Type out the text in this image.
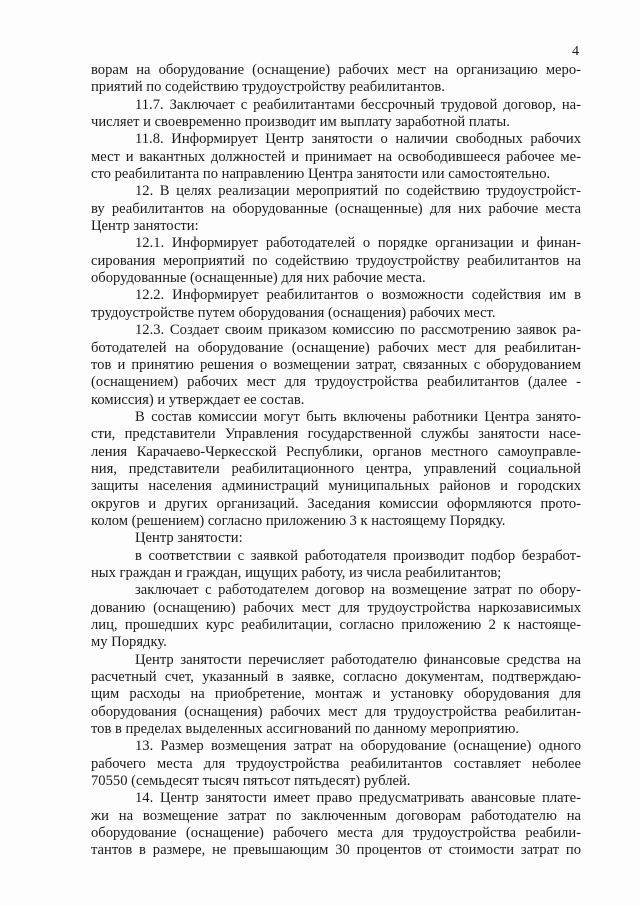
4
ворам на оборудование (оснащение) рабочих мест на организацию меро-
приятий по содействию трудоустройству реабилитантов.
11.7. Заключает с реабилитантами бессрочный трудовой договор, на-
числяет и своевременно производит им выплату заработной платы.
11.8. Информирует Центр занятости о наличии свободных рабочих
мест и вакантных должностей и принимает на освободившееся рабочее ме-
сто реабилитанта по направлению Центра занятости или самостоятельно.
12. В целях реализации мероприятий по содействию трудоустройст-
ву реабилитантов на оборудованные (оснащенные) для них рабочие места
Центр занятости:
12.1. Информирует работодателей о порядке организации и финан-
сирования мероприятий по содействию трудоустройству реабилитантов на
оборудованные (оснащенные) для них рабочие места.
12.2. Информирует реабилитантов о возможности содействия им в
трудоустройстве путем оборудования (оснащения) рабочих мест.
12.3. Создает своим приказом комиссию по рассмотрению заявок ра-
ботодателей на оборудование (оснащение) рабочих мест для реабилитан-
тов и принятию решения о возмещении затрат, связанных с оборудованием
(оснащением) рабочих мест для трудоустройства реабилитантов (далее -
комиссия) и утверждает ее состав.
В состав комиссии могут быть включены работники Центра занято-
сти, представители Управления государственной службы занятости насе-
ления Карачаево-Черкесской Республики, органов местного самоуправле-
ния, представители реабилитационного центра, управлений социальной
защиты населения администраций муниципальных районов и городских
округов и других организаций. Заседания комиссии оформляются прото-
колом (решением) согласно приложению 3 к настоящему Порядку.
Центр занятости:
в соответствии с заявкой работодателя производит подбор безработ-
ных граждан и граждан, ищущих работу, из числа реабилитантов;
заключает с работодателем договор на возмещение затрат по обору-
дованию (оснащению) рабочих мест для трудоустройства наркозависимых
лиц, прошедших курс реабилитации, согласно приложению 2 к настояще-
му Порядку.
Центр занятости перечисляет работодателю финансовые средства на
расчетный счет, указанный в заявке, согласно документам, подтверждаю-
щим расходы на приобретение, монтаж и установку оборудования для
оборудования (оснащения) рабочих мест для трудоустройства реабилитан-
тов в пределах выделенных ассигнований по данному мероприятию.
13. Размер возмещения затрат на оборудование (оснащение) одного
рабочего места для трудоустройства реабилитантов составляет неболее
70550 (семьдесят тысяч пятьсот пятьдесят) рублей.
14. Центр занятости имеет право предусматривать авансовые плате-
жи на возмещение затрат по заключенным договорам работодателю на
оборудование (оснащение) рабочего места для трудоустройства реабили-
тантов в размере, не превышающим 30 процентов от стоимости затрат по
